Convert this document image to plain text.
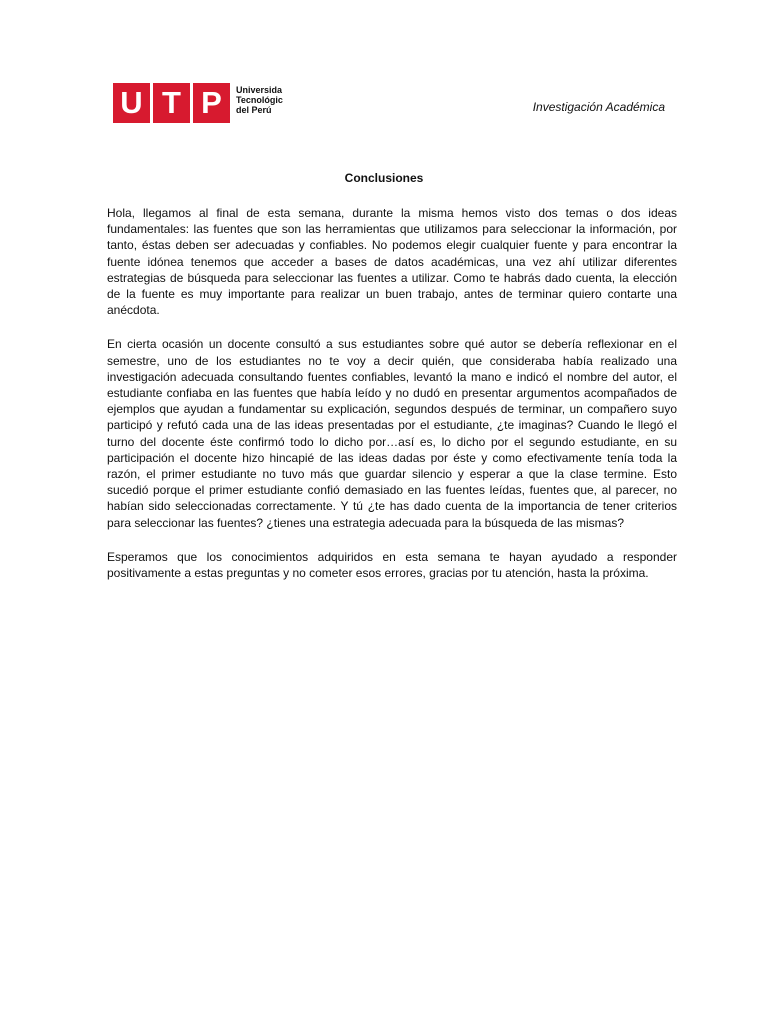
U T P	Universida
Tecnológic
del Perú	Investigación Académica
Conclusiones

Hola, llegamos al final de esta semana, durante la misma hemos visto dos temas o dos ideas fundamentales: las fuentes que son las herramientas que utilizamos para seleccionar la información, por tanto, éstas deben ser adecuadas y confiables. No podemos elegir cualquier fuente y para encontrar la fuente idónea tenemos que acceder a bases de datos académicas, una vez ahí utilizar diferentes estrategias de búsqueda para seleccionar las fuentes a utilizar. Como te habrás dado cuenta, la elección de la fuente es muy importante para realizar un buen trabajo, antes de terminar quiero contarte una anécdota.

En cierta ocasión un docente consultó a sus estudiantes sobre qué autor se debería reflexionar en el semestre, uno de los estudiantes no te voy a decir quién, que consideraba había realizado una investigación adecuada consultando fuentes confiables, levantó la mano e indicó el nombre del autor, el estudiante confiaba en las fuentes que había leído y no dudó en presentar argumentos acompañados de ejemplos que ayudan a fundamentar su explicación, segundos después de terminar, un compañero suyo participó y refutó cada una de las ideas presentadas por el estudiante, ¿te imaginas? Cuando le llegó el turno del docente éste confirmó todo lo dicho por…así es, lo dicho por el segundo estudiante, en su participación el docente hizo hincapié de las ideas dadas por éste y como efectivamente tenía toda la razón, el primer estudiante no tuvo más que guardar silencio y esperar a que la clase termine. Esto sucedió porque el primer estudiante confió demasiado en las fuentes leídas, fuentes que, al parecer, no habían sido seleccionadas correctamente. Y tú ¿te has dado cuenta de la importancia de tener criterios para seleccionar las fuentes? ¿tienes una estrategia adecuada para la búsqueda de las mismas?

Esperamos que los conocimientos adquiridos en esta semana te hayan ayudado a responder positivamente a estas preguntas y no cometer esos errores, gracias por tu atención, hasta la próxima.
